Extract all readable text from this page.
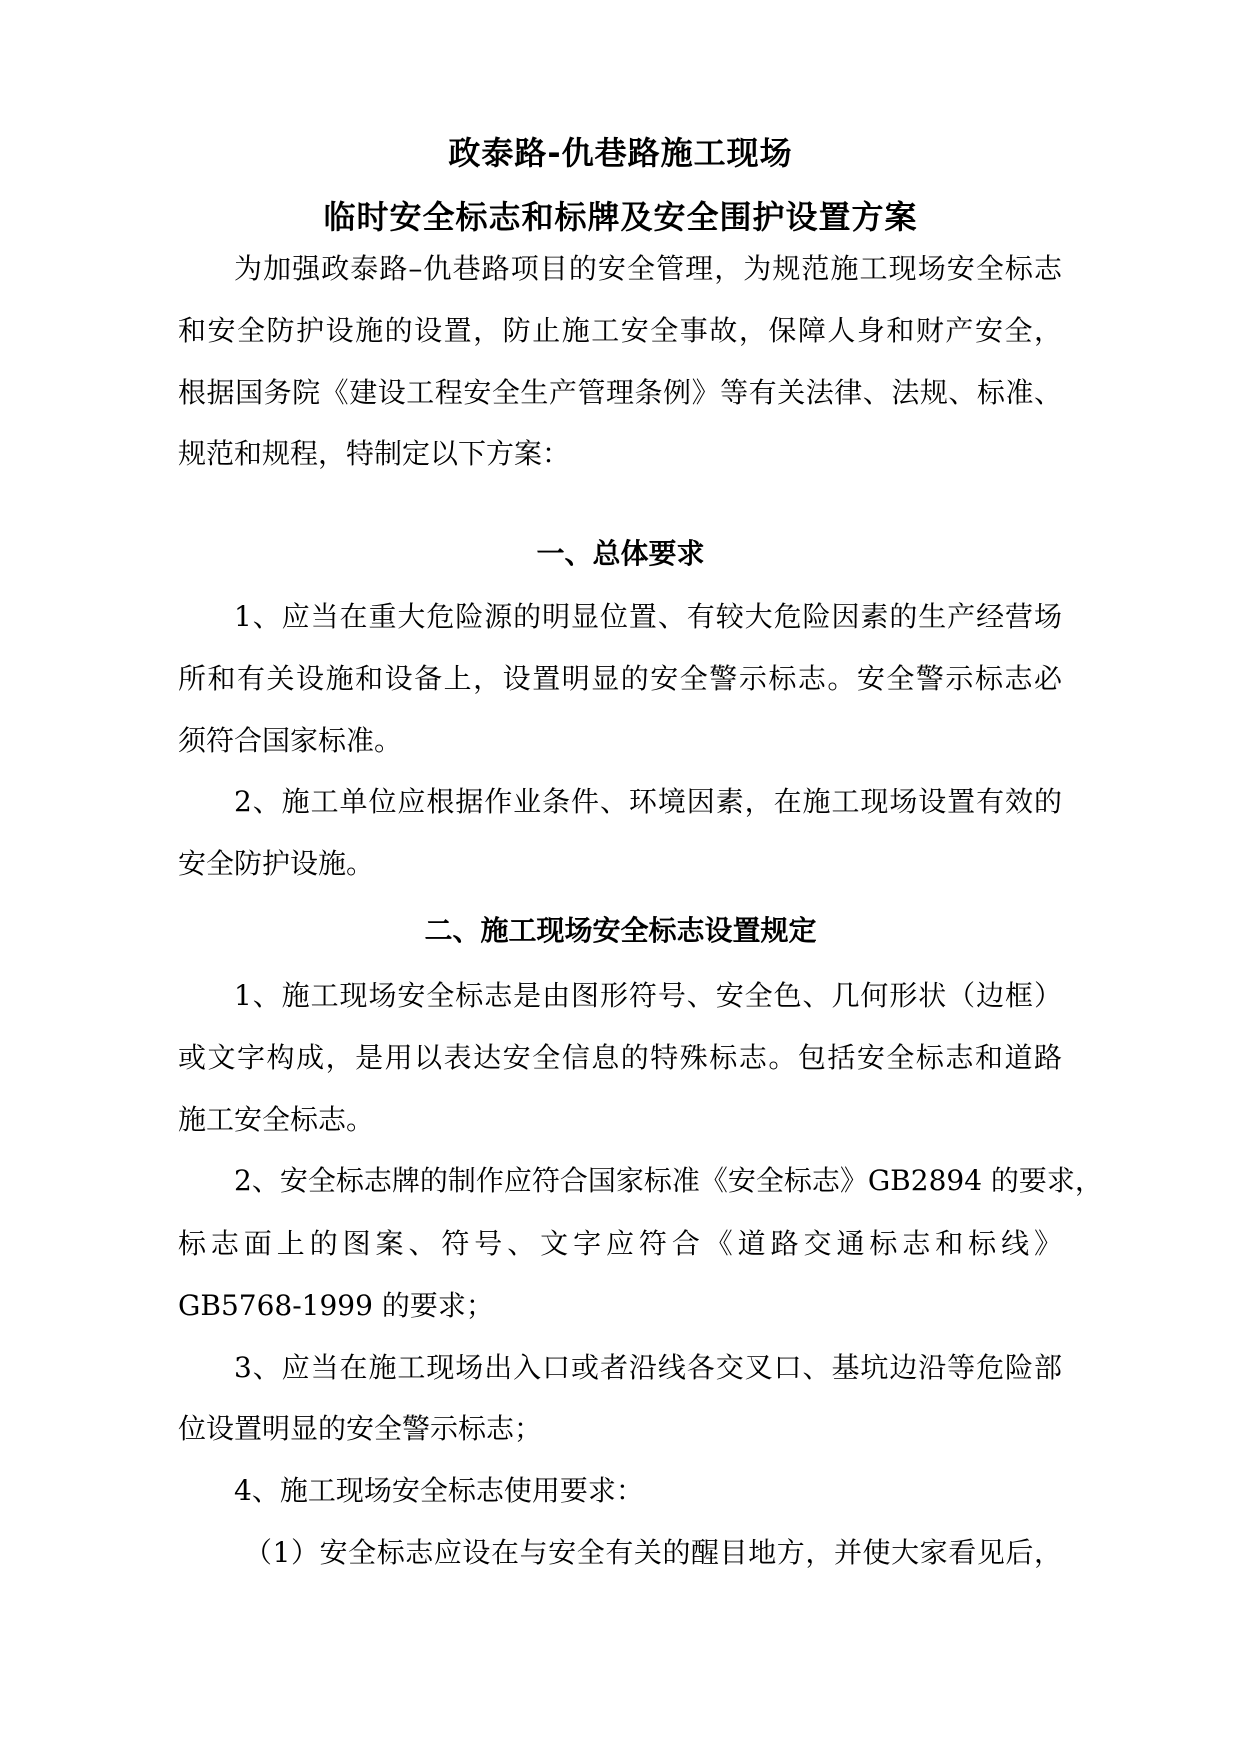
政泰路-仇巷路施工现场
临时安全标志和标牌及安全围护设置方案

为加强政泰路–仇巷路项目的安全管理，为规范施工现场安全标志

和安全防护设施的设置，防止施工安全事故，保障人身和财产安全，

根据国务院《建设工程安全生产管理条例》等有关法律、法规、标准、

规范和规程，特制定以下方案：

一、总体要求

1、应当在重大危险源的明显位置、有较大危险因素的生产经营场

所和有关设施和设备上，设置明显的安全警示标志。安全警示标志必

须符合国家标准。

2、施工单位应根据作业条件、环境因素，在施工现场设置有效的

安全防护设施。

二、施工现场安全标志设置规定

1、施工现场安全标志是由图形符号、安全色、几何形状（边框）

或文字构成，是用以表达安全信息的特殊标志。包括安全标志和道路

施工安全标志。

2、安全标志牌的制作应符合国家标准《安全标志》GB2894 的要求，

标志面上的图案、符号、文字应符合《道路交通标志和标线》

GB5768-1999 的要求；

3、应当在施工现场出入口或者沿线各交叉口、基坑边沿等危险部

位设置明显的安全警示标志；

4、施工现场安全标志使用要求：

（1）安全标志应设在与安全有关的醒目地方，并使大家看见后，
